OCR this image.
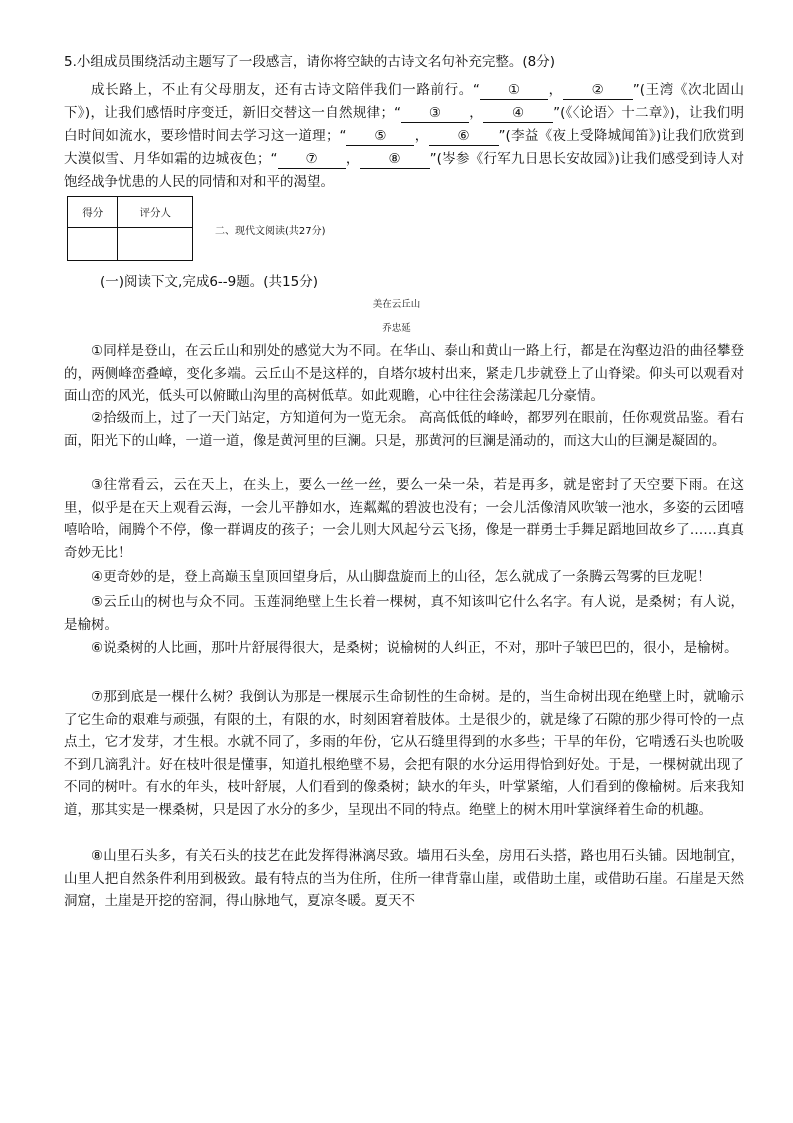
5.小组成员围绕活动主题写了一段感言，请你将空缺的古诗文名句补充完整。(8分)
成长路上，不止有父母朋友，还有古诗文陪伴我们一路前行。“ ① ， ② ”(王湾《次北固山下》)，让我们感悟时序变迁，新旧交替这一自然规律；“ ③ ， ④ ”(《〈论语〉十二章》)，让我们明白时间如流水，要珍惜时间去学习这一道理；“ ⑤ ， ⑥ ”(李益《夜上受降城闻笛》)让我们欣赏到大漠似雪、月华如霜的边城夜色；“ ⑦ ， ⑧ ”(岑参《行军九日思长安故园》)让我们感受到诗人对饱经战争忧患的人民的同情和对和平的渴望。
得分	评分人

二、现代文阅读(共27分)
(一)阅读下文,完成6--9题。(共15分)
美在云丘山
乔忠延

①同样是登山，在云丘山和别处的感觉大为不同。在华山、泰山和黄山一路上行，都是在沟壑边沿的曲径攀登的，两侧峰峦叠嶂，变化多端。云丘山不是这样的，自塔尔坡村出来，紧走几步就登上了山脊梁。仰头可以观看对面山峦的风光，低头可以俯瞰山沟里的高树低草。如此观瞻，心中往往会荡漾起几分豪情。

②拾级而上，过了一天门站定，方知道何为一览无余。 高高低低的峰岭，都罗列在眼前，任你观赏品鉴。看右面，阳光下的山峰，一道一道，像是黄河里的巨澜。只是，那黄河的巨澜是涌动的，而这大山的巨澜是凝固的。

③往常看云，云在天上，在头上，要么一丝一丝，要么一朵一朵，若是再多，就是密封了天空要下雨。在这里，似乎是在天上观看云海，一会儿平静如水，连粼粼的碧波也没有；一会儿活像清风吹皱一池水，多姿的云团嘻嘻哈哈，闹腾个不停，像一群调皮的孩子；一会儿则大风起兮云飞扬，像是一群勇士手舞足蹈地回故乡了……真真奇妙无比！

④更奇妙的是，登上高巅玉皇顶回望身后，从山脚盘旋而上的山径，怎么就成了一条腾云驾雾的巨龙呢！

⑤云丘山的树也与众不同。玉莲洞绝壁上生长着一棵树，真不知该叫它什么名字。有人说，是桑树；有人说，是榆树。

⑥说桑树的人比画，那叶片舒展得很大，是桑树；说榆树的人纠正，不对，那叶子皱巴巴的，很小，是榆树。

⑦那到底是一棵什么树？我倒认为那是一棵展示生命韧性的生命树。是的，当生命树出现在绝壁上时，就喻示了它生命的艰难与顽强，有限的土，有限的水，时刻困窘着肢体。土是很少的，就是缘了石隙的那少得可怜的一点点土，它才发芽，才生根。水就不同了，多雨的年份，它从石缝里得到的水多些；干旱的年份，它啃透石头也吮吸不到几滴乳汁。好在枝叶很是懂事，知道扎根绝壁不易，会把有限的水分运用得恰到好处。于是，一棵树就出现了不同的树叶。有水的年头，枝叶舒展，人们看到的像桑树；缺水的年头，叶掌紧缩，人们看到的像榆树。后来我知道，那其实是一棵桑树，只是因了水分的多少，呈现出不同的特点。绝壁上的树木用叶掌演绎着生命的机趣。

⑧山里石头多，有关石头的技艺在此发挥得淋漓尽致。墙用石头垒，房用石头搭，路也用石头铺。因地制宜，山里人把自然条件利用到极致。最有特点的当为住所，住所一律背靠山崖，或借助土崖，或借助石崖。石崖是天然洞窟，土崖是开挖的窑洞，得山脉地气，夏凉冬暖。夏天不
